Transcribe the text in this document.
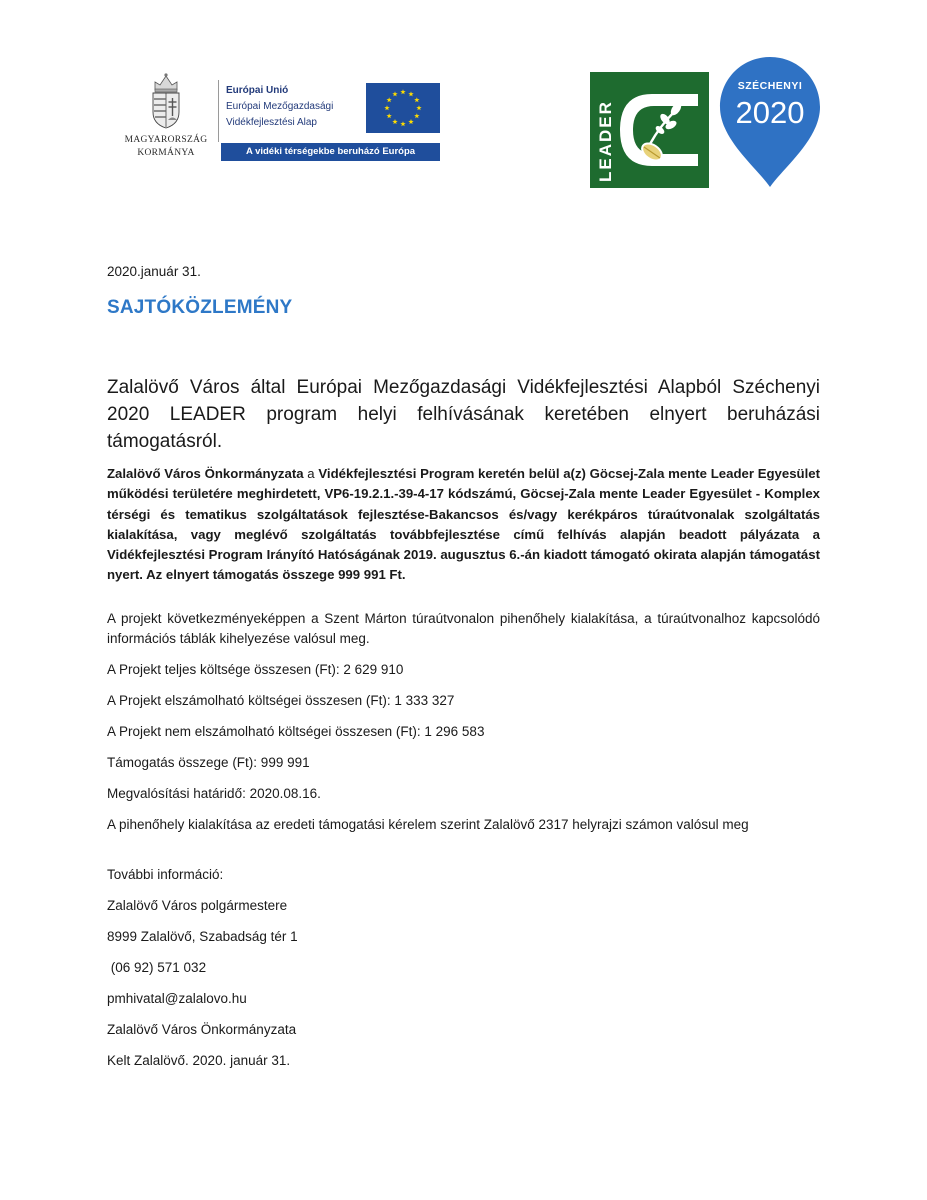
MAGYARORSZÁG
KORMÁNYA
Európai Unió
Európai Mezőgazdasági
Vidékfejlesztési Alap
A vidéki térségekbe beruházó Európa	LEADER
SZÉCHENYI
2020
2020.január 31.
SAJTÓKÖZLEMÉNY
Zalalövő Város által Európai Mezőgazdasági Vidékfejlesztési Alapból Széchenyi 2020 LEADER program helyi felhívásának keretében elnyert beruházási támogatásról.
Zalalövő Város Önkormányzata a Vidékfejlesztési Program keretén belül a(z) Göcsej-Zala mente Leader Egyesület működési területére meghirdetett, VP6-19.2.1.-39-4-17 kódszámú, Göcsej-Zala mente Leader Egyesület - Komplex térségi és tematikus szolgáltatások fejlesztése-Bakancsos és/vagy kerékpáros túraútvonalak szolgáltatás kialakítása, vagy meglévő szolgáltatás továbbfejlesztése című felhívás alapján beadott pályázata a Vidékfejlesztési Program Irányító Hatóságának 2019. augusztus 6.-án kiadott támogató okirata alapján támogatást nyert. Az elnyert támogatás összege 999 991 Ft.
A projekt következményeképpen a Szent Márton túraútvonalon pihenőhely kialakítása, a túraútvonalhoz kapcsolódó információs táblák kihelyezése valósul meg.
A Projekt teljes költsége összesen (Ft): 2 629 910
A Projekt elszámolható költségei összesen (Ft): 1 333 327
A Projekt nem elszámolható költségei összesen (Ft): 1 296 583
Támogatás összege (Ft): 999 991
Megvalósítási határidő: 2020.08.16.
A pihenőhely kialakítása az eredeti támogatási kérelem szerint Zalalövő 2317 helyrajzi számon valósul meg
További információ:
Zalalövő Város polgármestere
8999 Zalalövő, Szabadság tér 1
(06 92) 571 032
pmhivatal@zalalovo.hu
Zalalövő Város Önkormányzata
Kelt Zalalövő. 2020. január 31.
